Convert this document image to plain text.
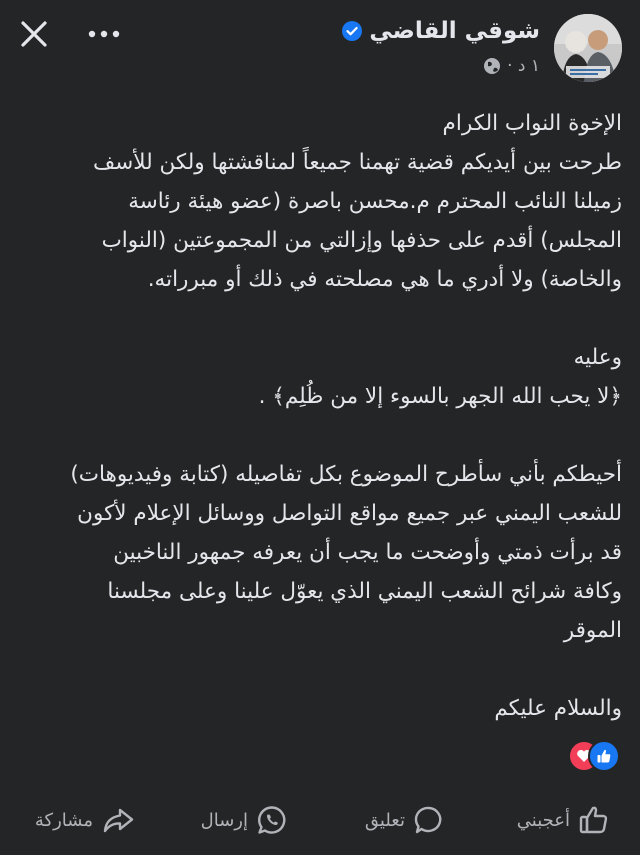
شوقي القاضي
١ د ·

الإخوة النواب الكرام

طرحت بين أيديكم قضية تهمنا جميعاً لمناقشتها ولكن للأسف

زميلنا النائب المحترم م.محسن باصرة (عضو هيئة رئاسة

المجلس) أقدم على حذفها وإزالتي من المجموعتين (النواب

والخاصة) ولا أدري ما هي مصلحته في ذلك أو مبرراته.

وعليه

﴿لا يحب الله الجهر بالسوء إلا من ظُلِم﴾ .

أحيطكم بأني سأطرح الموضوع بكل تفاصيله (كتابة وفيديوهات)

للشعب اليمني عبر جميع مواقع التواصل ووسائل الإعلام لأكون

قد برأت ذمتي وأوضحت ما يجب أن يعرفه جمهور الناخبين

وكافة شرائح الشعب اليمني الذي يعوّل علينا وعلى مجلسنا

الموقر

والسلام عليكم

أعجبني
تعليق
إرسال
مشاركة
